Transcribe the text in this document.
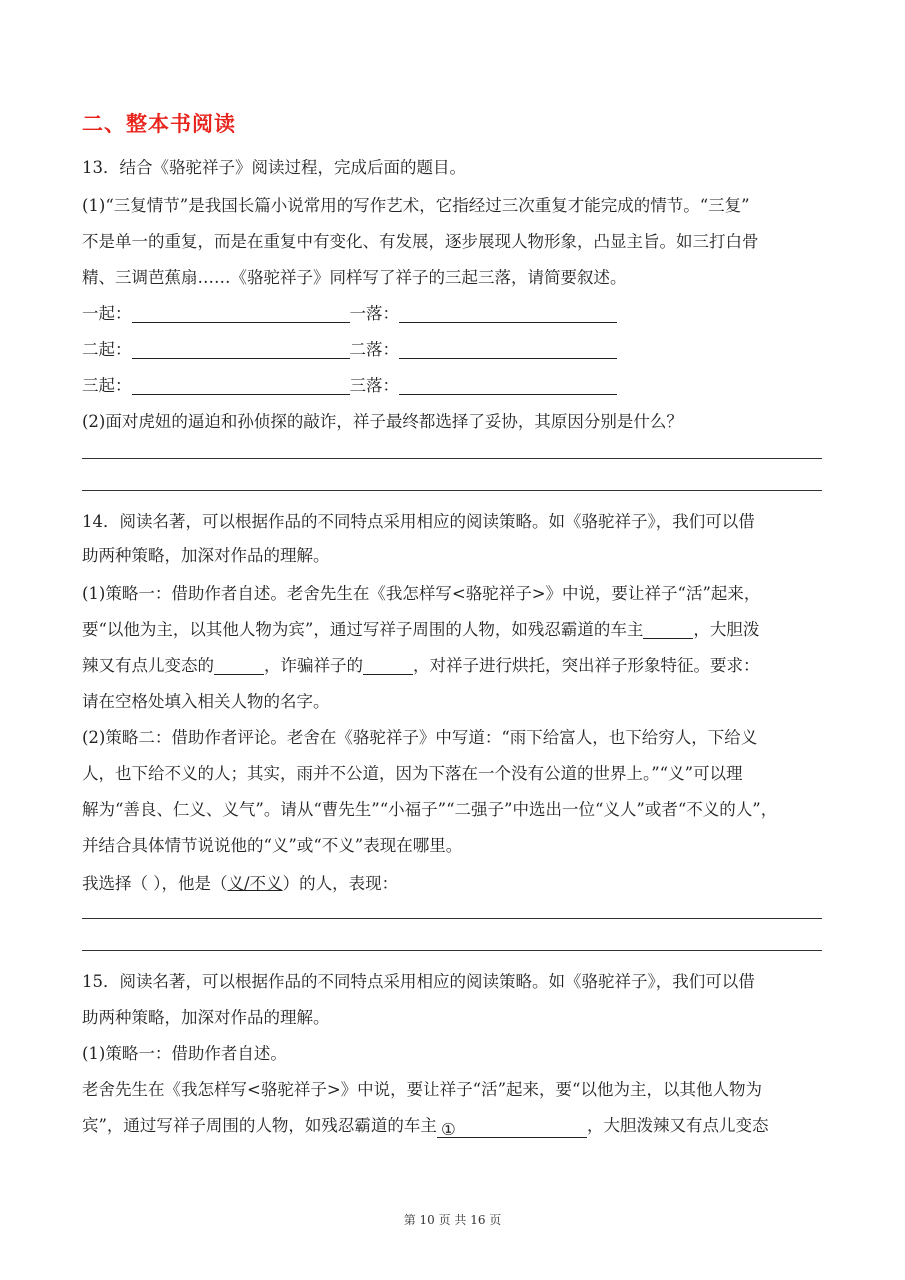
二、整本书阅读
13．结合《骆驼祥子》阅读过程，完成后面的题目。
(1)“三复情节”是我国长篇小说常用的写作艺术，它指经过三次重复才能完成的情节。“三复”
不是单一的重复，而是在重复中有变化、有发展，逐步展现人物形象，凸显主旨。如三打白骨
精、三调芭蕉扇……《骆驼祥子》同样写了祥子的三起三落，请简要叙述。
一起：	一落：
二起：	二落：
三起：	三落：
(2)面对虎妞的逼迫和孙侦探的敲诈，祥子最终都选择了妥协，其原因分别是什么？
14．阅读名著，可以根据作品的不同特点采用相应的阅读策略。如《骆驼祥子》，我们可以借
助两种策略，加深对作品的理解。
(1)策略一：借助作者自述。老舍先生在《我怎样写<骆驼祥子>》中说，要让祥子“活”起来，
要“以他为主，以其他人物为宾”，通过写祥子周围的人物，如残忍霸道的车主	，大胆泼
辣又有点儿变态的	，诈骗祥子的	，对祥子进行烘托，突出祥子形象特征。要求：
请在空格处填入相关人物的名字。
(2)策略二：借助作者评论。老舍在《骆驼祥子》中写道：“雨下给富人，也下给穷人，下给义
人，也下给不义的人；其实，雨并不公道，因为下落在一个没有公道的世界上。”“义”可以理
解为“善良、仁义、义气”。请从“曹先生”“小福子”“二强子”中选出一位“义人”或者“不义的人”，
并结合具体情节说说他的“义”或“不义”表现在哪里。
我选择（ ），他是（义/不义）的人，表现：
15．阅读名著，可以根据作品的不同特点采用相应的阅读策略。如《骆驼祥子》，我们可以借
助两种策略，加深对作品的理解。
(1)策略一：借助作者自述。
老舍先生在《我怎样写<骆驼祥子>》中说，要让祥子“活”起来，要“以他为主，以其他人物为
宾”，通过写祥子周围的人物，如残忍霸道的车主 ①	，大胆泼辣又有点儿变态
第 10 页 共 16 页
